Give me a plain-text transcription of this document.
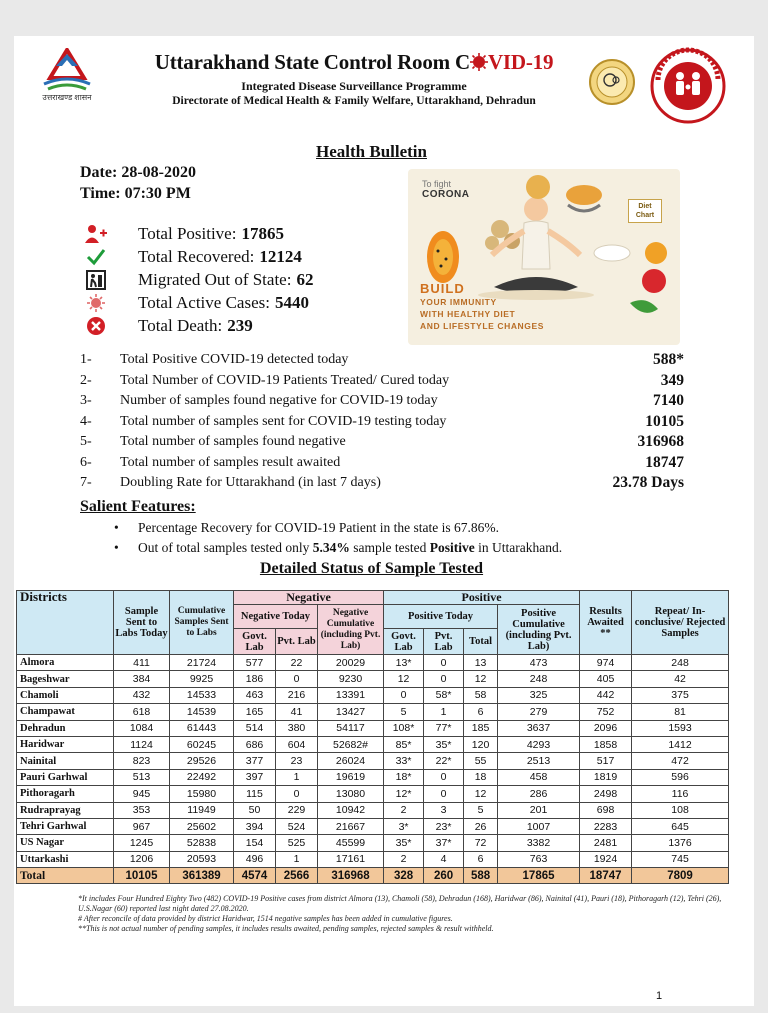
उत्तराखण्ड शासन
Uttarakhand State Control Room C VID-19
Integrated Disease Surveillance Programme
Directorate of Medical Health & Family Welfare, Uttarakhand, Dehradun
Health Bulletin
Date: 28-08-2020
Time: 07:30 PM
Total Positive: 17865
Total Recovered: 12124
Migrated Out of State: 62
Total Active Cases: 5440
Total Death: 239
To fight
CORONA
Diet Chart
BUILD
YOUR IMMUNITY
WITH HEALTHY DIET
AND LIFESTYLE CHANGES
1-	Total Positive COVID-19 detected today	588*
2-	Total Number of COVID-19 Patients Treated/ Cured today	349
3-	Number of samples found negative for COVID-19 today	7140
4-	Total number of samples sent for COVID-19 testing today	10105
5-	Total number of samples found negative	316968
6-	Total number of samples result awaited	18747
7-	Doubling Rate for Uttarakhand (in last 7 days)	23.78 Days
Salient Features:
•	Percentage Recovery for COVID-19 Patient in the state is 67.86%.
•	Out of total samples tested only 5.34% sample tested Positive in Uttarakhand.
Detailed Status of Sample Tested
Districts	Sample Sent to Labs Today	Cumulative Samples Sent to Labs	Negative			Positive				Results Awaited **	Repeat/ In-conclusive/ Rejected Samples
			Negative Today		Negative Cumulative (including Pvt. Lab)	Positive Today			Positive Cumulative (including Pvt. Lab)		
			Govt. Lab	Pvt. Lab		Govt. Lab	Pvt. Lab	Total			
Almora	411	21724	577	22	20029	13*	0	13	473	974	248
Bageshwar	384	9925	186	0	9230	12	0	12	248	405	42
Chamoli	432	14533	463	216	13391	0	58*	58	325	442	375
Champawat	618	14539	165	41	13427	5	1	6	279	752	81
Dehradun	1084	61443	514	380	54117	108*	77*	185	3637	2096	1593
Haridwar	1124	60245	686	604	52682#	85*	35*	120	4293	1858	1412
Nainital	823	29526	377	23	26024	33*	22*	55	2513	517	472
Pauri Garhwal	513	22492	397	1	19619	18*	0	18	458	1819	596
Pithoragarh	945	15980	115	0	13080	12*	0	12	286	2498	116
Rudraprayag	353	11949	50	229	10942	2	3	5	201	698	108
Tehri Garhwal	967	25602	394	524	21667	3*	23*	26	1007	2283	645
US Nagar	1245	52838	154	525	45599	35*	37*	72	3382	2481	1376
Uttarkashi	1206	20593	496	1	17161	2	4	6	763	1924	745
Total	10105	361389	4574	2566	316968	328	260	588	17865	18747	7809
*It includes Four Hundred Eighty Two (482) COVID-19 Positive cases from district Almora (13), Chamoli (58), Dehradun (168), Haridwar (86), Nainital (41), Pauri (18), Pithoragarh (12), Tehri (26), U.S.Nagar (60) reported last night dated 27.08.2020.
# After reconcile of data provided by district Haridwar, 1514 negative samples has been added in cumulative figures.
**This is not actual number of pending samples, it includes results awaited, pending samples, rejected samples & result withheld.
1
